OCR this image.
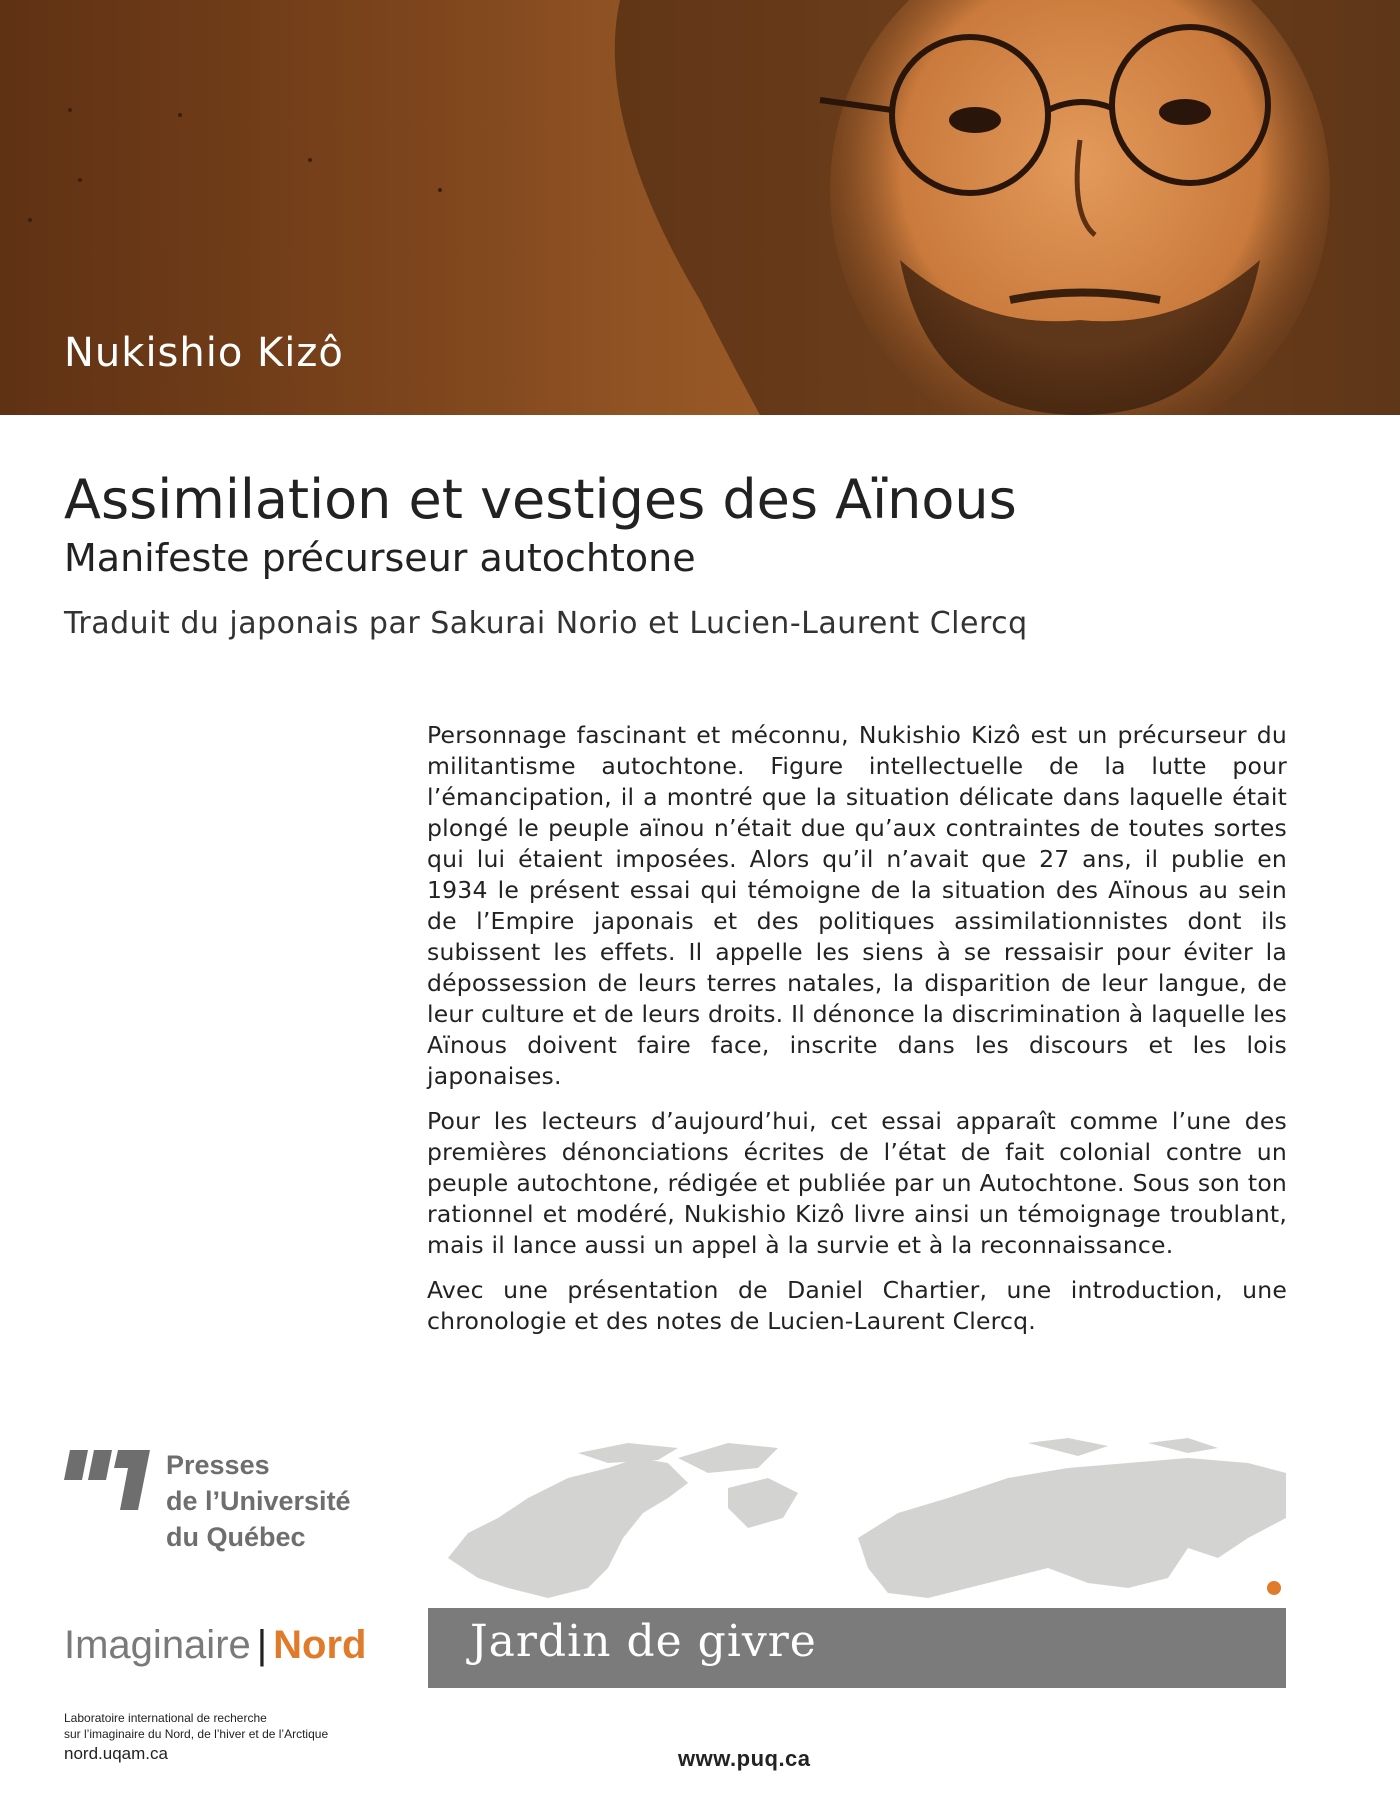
Nukishio Kizô
Assimilation et vestiges des Aïnous
Manifeste précurseur autochtone
Traduit du japonais par Sakurai Norio et Lucien-Laurent Clercq

Personnage fascinant et méconnu, Nukishio Kizô est un précurseur du militantisme autochtone. Figure intellectuelle de la lutte pour l’émancipation, il a montré que la situation délicate dans laquelle était plongé le peuple aïnou n’était due qu’aux contraintes de toutes sortes qui lui étaient imposées. Alors qu’il n’avait que 27 ans, il publie en 1934 le présent essai qui témoigne de la situation des Aïnous au sein de l’Empire japonais et des politiques assimilationnistes dont ils subissent les effets. Il appelle les siens à se ressaisir pour éviter la dépossession de leurs terres natales, la disparition de leur langue, de leur culture et de leurs droits. Il dénonce la discrimination à laquelle les Aïnous doivent faire face, inscrite dans les discours et les lois japonaises.

Pour les lecteurs d’aujourd’hui, cet essai apparaît comme l’une des premières dénonciations écrites de l’état de fait colonial contre un peuple autochtone, rédigée et publiée par un Autochtone. Sous son ton rationnel et modéré, Nukishio Kizô livre ainsi un témoignage troublant, mais il lance aussi un appel à la survie et à la reconnaissance.

Avec une présentation de Daniel Chartier, une introduction, une chronologie et des notes de Lucien-Laurent Clercq.

Presses
de l’Université
du Québec
Imaginaire | Nord
Laboratoire international de recherche
sur l’imaginaire du Nord, de l’hiver et de l’Arctique
nord.uqam.ca
Jardin de givre
www.puq.ca
